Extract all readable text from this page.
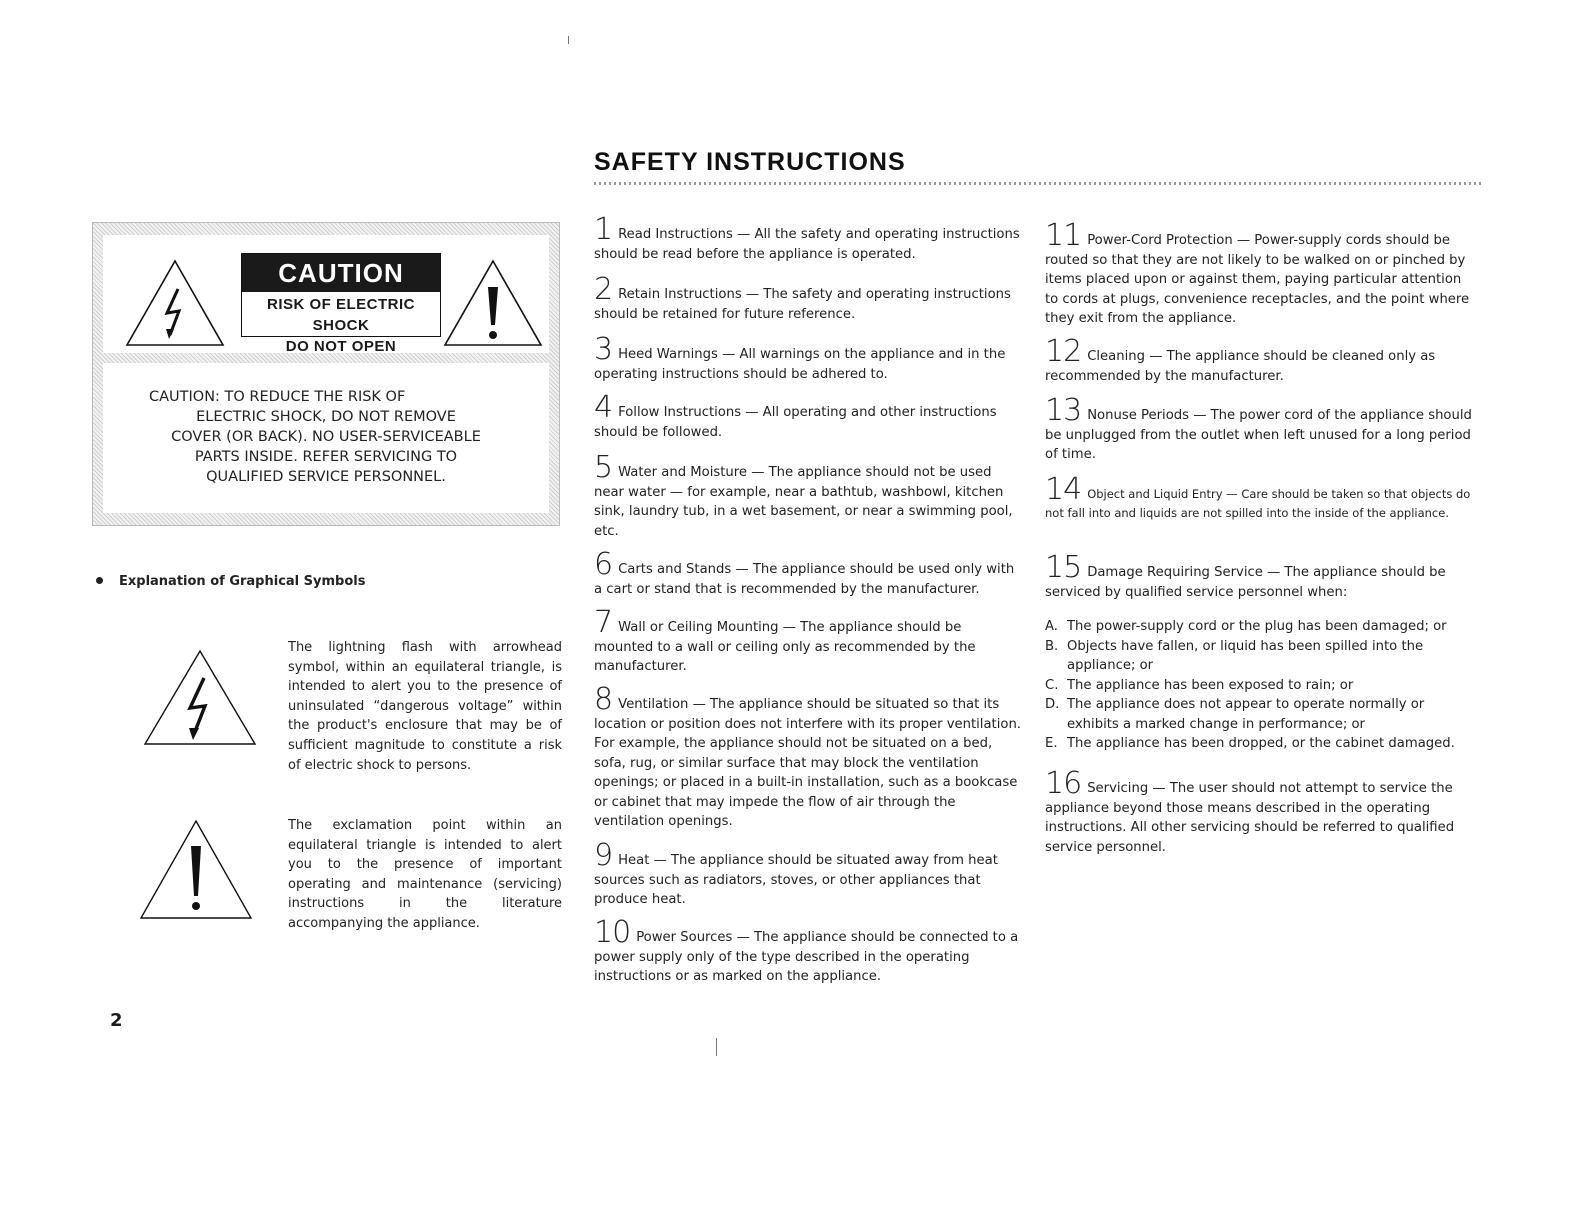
CAUTION
RISK OF ELECTRIC SHOCK
DO NOT OPEN
CAUTION: TO REDUCE THE RISK OF
ELECTRIC SHOCK, DO NOT REMOVE
COVER (OR BACK). NO USER-SERVICEABLE
PARTS INSIDE. REFER SERVICING TO
QUALIFIED SERVICE PERSONNEL.
Explanation of Graphical Symbols
The lightning flash with arrowhead symbol, within an equilateral triangle, is intended to alert you to the presence of uninsulated “dangerous voltage” within the product's enclosure that may be of sufficient magnitude to constitute a risk of electric shock to persons.
The exclamation point within an equilateral triangle is intended to alert you to the presence of important operating and maintenance (servicing) instructions in the literature accompanying the appliance.
2
SAFETY INSTRUCTIONS
1 Read Instructions — All the safety and operating instructions should be read before the appliance is operated.
2 Retain Instructions — The safety and operating instructions should be retained for future reference.
3 Heed Warnings — All warnings on the appliance and in the operating instructions should be adhered to.
4 Follow Instructions — All operating and other instructions should be followed.
5 Water and Moisture — The appliance should not be used near water — for example, near a bathtub, washbowl, kitchen sink, laundry tub, in a wet basement, or near a swimming pool, etc.
6 Carts and Stands — The appliance should be used only with a cart or stand that is recommended by the manufacturer.
7 Wall or Ceiling Mounting — The appliance should be mounted to a wall or ceiling only as recommended by the manufacturer.
8 Ventilation — The appliance should be situated so that its location or position does not interfere with its proper ventilation. For example, the appliance should not be situated on a bed, sofa, rug, or similar surface that may block the ventilation openings; or placed in a built-in installation, such as a bookcase or cabinet that may impede the flow of air through the ventilation openings.
9 Heat — The appliance should be situated away from heat sources such as radiators, stoves, or other appliances that produce heat.
10 Power Sources — The appliance should be connected to a power supply only of the type described in the operating instructions or as marked on the appliance.
11 Power-Cord Protection — Power-supply cords should be routed so that they are not likely to be walked on or pinched by items placed upon or against them, paying particular attention to cords at plugs, convenience receptacles, and the point where they exit from the appliance.
12 Cleaning — The appliance should be cleaned only as recommended by the manufacturer.
13 Nonuse Periods — The power cord of the appliance should be unplugged from the outlet when left unused for a long period of time.
14 Object and Liquid Entry — Care should be taken so that objects do not fall into and liquids are not spilled into the inside of the appliance.
15 Damage Requiring Service — The appliance should be serviced by qualified service personnel when:
A. The power-supply cord or the plug has been damaged; or
B. Objects have fallen, or liquid has been spilled into the appliance; or
C. The appliance has been exposed to rain; or
D. The appliance does not appear to operate normally or exhibits a marked change in performance; or
E. The appliance has been dropped, or the cabinet damaged.
16 Servicing — The user should not attempt to service the appliance beyond those means described in the operating instructions. All other servicing should be referred to qualified service personnel.
